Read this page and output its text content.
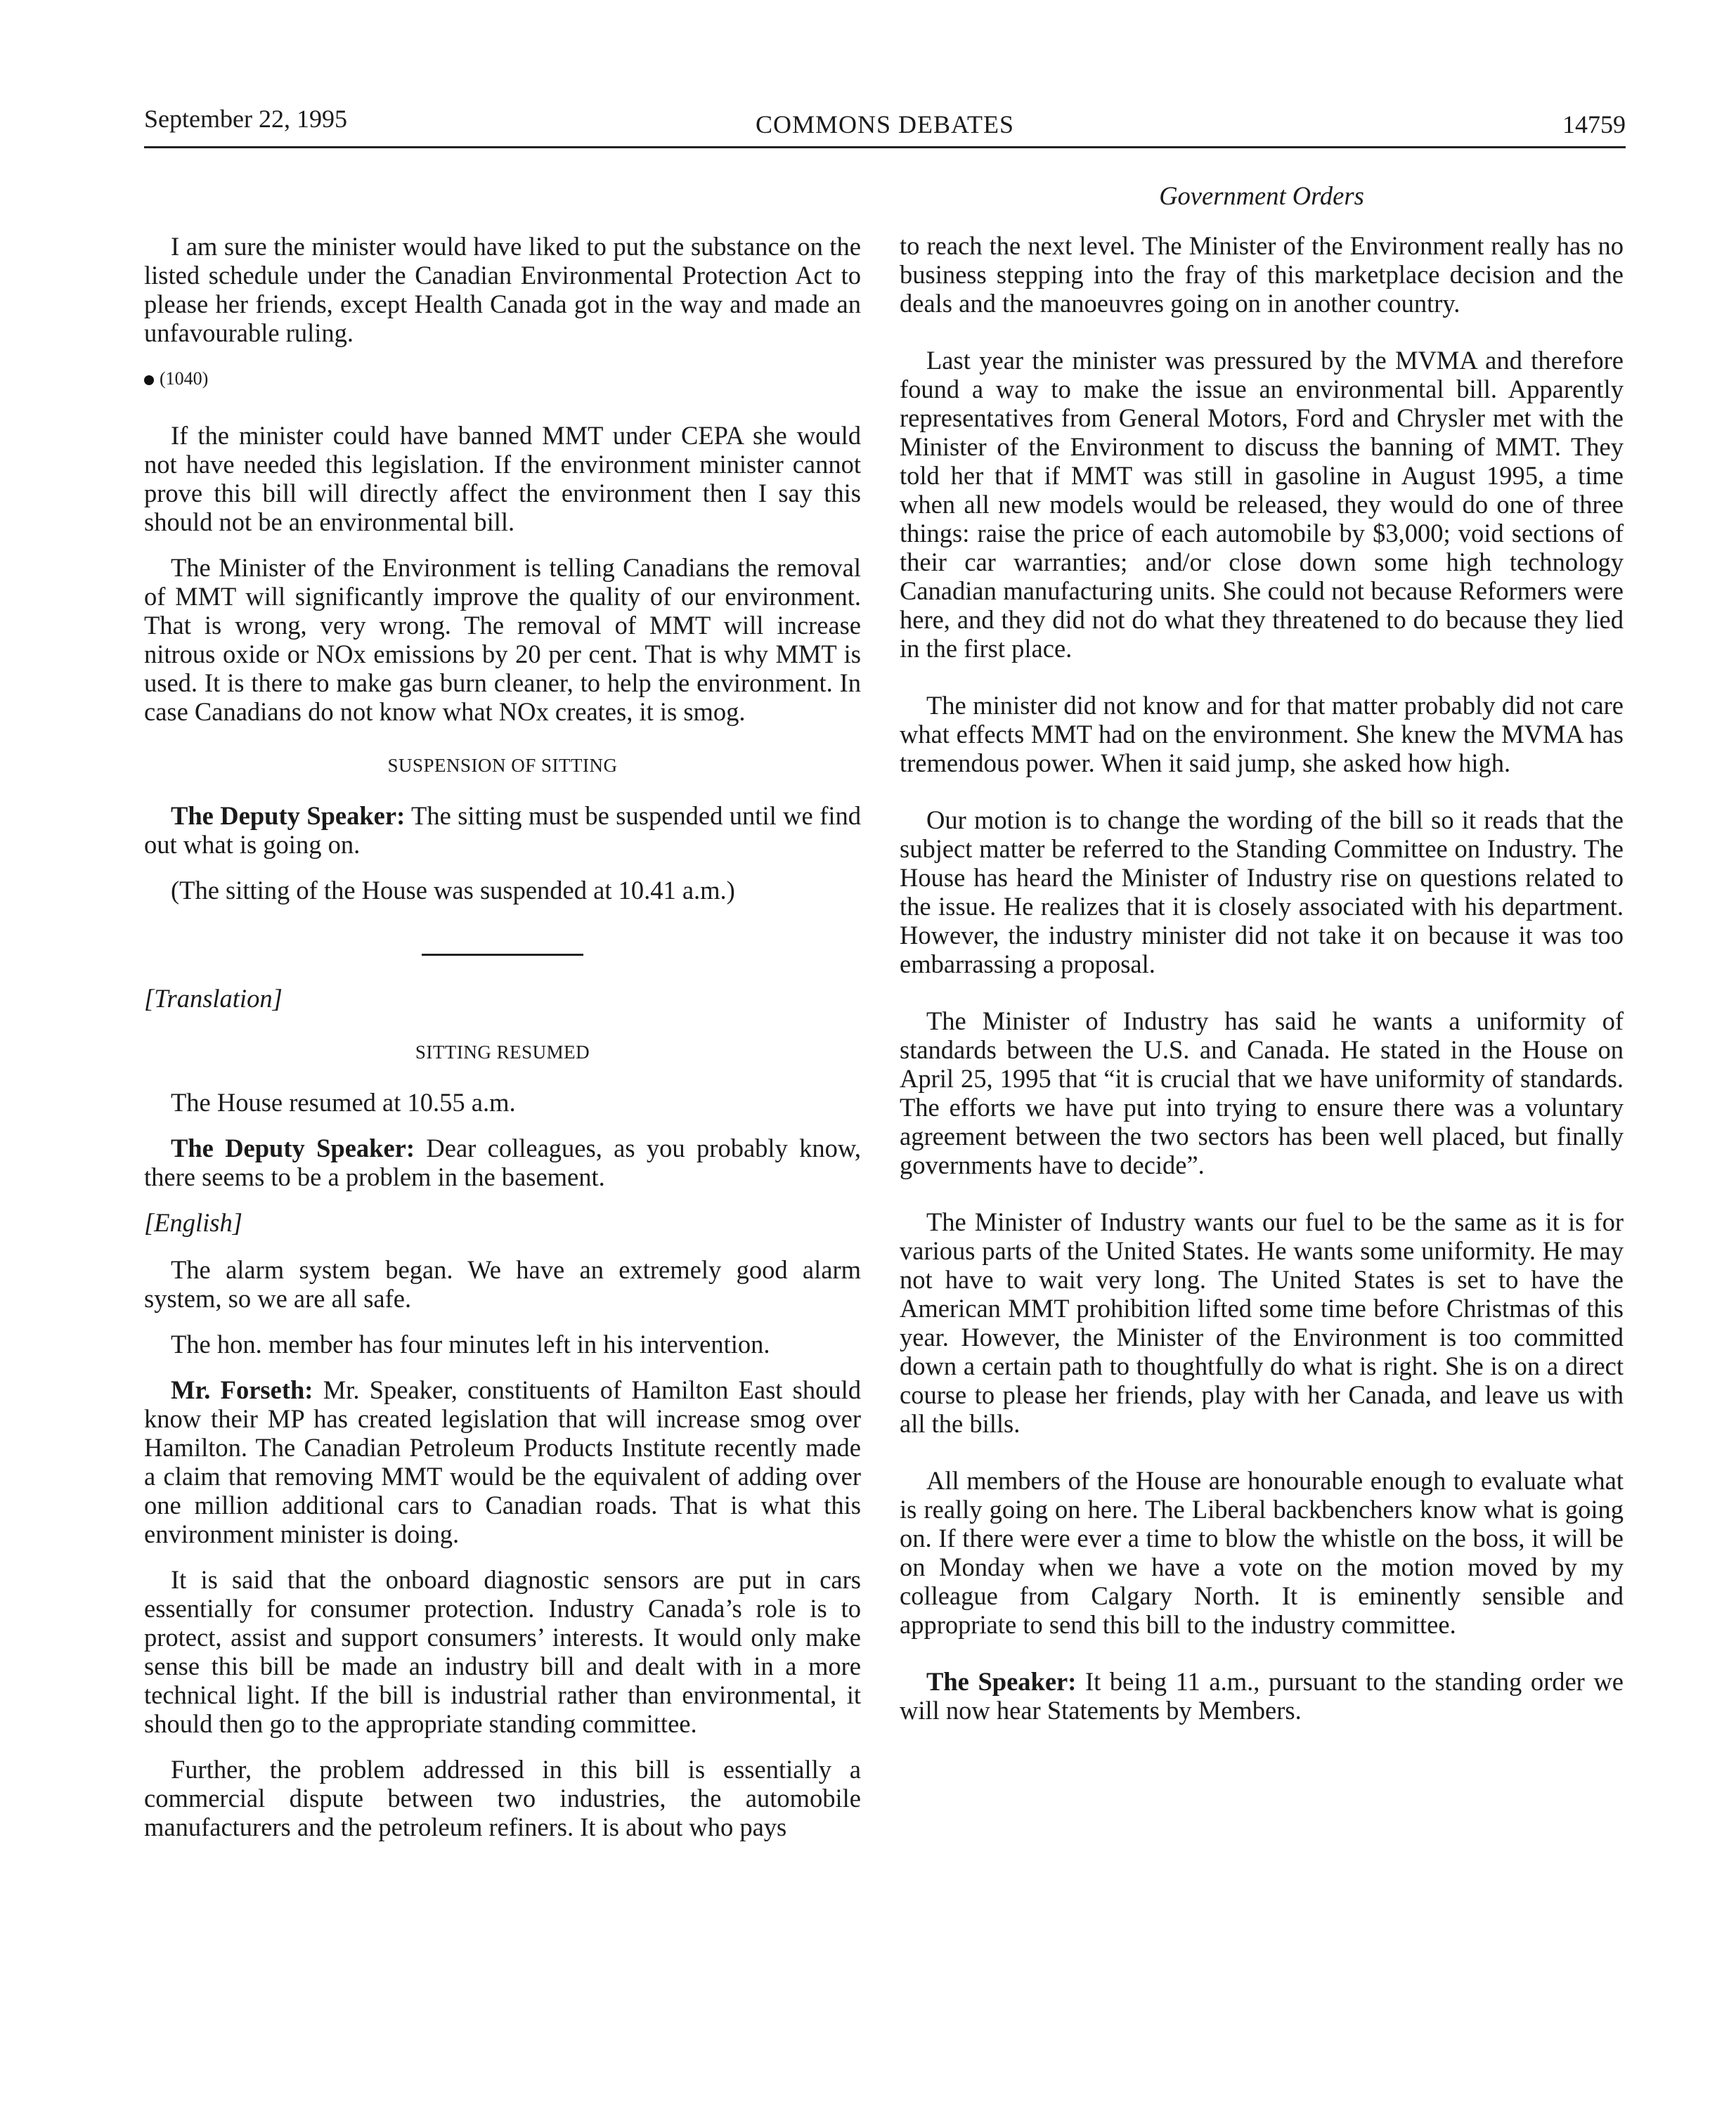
September 22, 1995	COMMONS DEBATES	14759

I am sure the minister would have liked to put the substance on the listed schedule under the Canadian Environmental Protection Act to please her friends, except Health Canada got in the way and made an unfavourable ruling.

(1040)

If the minister could have banned MMT under CEPA she would not have needed this legislation. If the environment minister cannot prove this bill will directly affect the environment then I say this should not be an environmental bill.

The Minister of the Environment is telling Canadians the removal of MMT will significantly improve the quality of our environment. That is wrong, very wrong. The removal of MMT will increase nitrous oxide or NOx emissions by 20 per cent. That is why MMT is used. It is there to make gas burn cleaner, to help the environment. In case Canadians do not know what NOx creates, it is smog.

SUSPENSION OF SITTING

The Deputy Speaker: The sitting must be suspended until we find out what is going on.

(The sitting of the House was suspended at 10.41 a.m.)

[Translation]
SITTING RESUMED

The House resumed at 10.55 a.m.

The Deputy Speaker: Dear colleagues, as you probably know, there seems to be a problem in the basement.

[English]

The alarm system began. We have an extremely good alarm system, so we are all safe.

The hon. member has four minutes left in his intervention.

Mr. Forseth: Mr. Speaker, constituents of Hamilton East should know their MP has created legislation that will increase smog over Hamilton. The Canadian Petroleum Products Institute recently made a claim that removing MMT would be the equivalent of adding over one million additional cars to Canadian roads. That is what this environment minister is doing.

It is said that the onboard diagnostic sensors are put in cars essentially for consumer protection. Industry Canada’s role is to protect, assist and support consumers’ interests. It would only make sense this bill be made an industry bill and dealt with in a more technical light. If the bill is industrial rather than environmental, it should then go to the appropriate standing committee.

Further, the problem addressed in this bill is essentially a commercial dispute between two industries, the automobile manufacturers and the petroleum refiners. It is about who pays

Government Orders

to reach the next level. The Minister of the Environment really has no business stepping into the fray of this marketplace decision and the deals and the manoeuvres going on in another country.

Last year the minister was pressured by the MVMA and therefore found a way to make the issue an environmental bill. Apparently representatives from General Motors, Ford and Chrysler met with the Minister of the Environment to discuss the banning of MMT. They told her that if MMT was still in gasoline in August 1995, a time when all new models would be released, they would do one of three things: raise the price of each automobile by $3,000; void sections of their car warranties; and/or close down some high technology Canadian manufacturing units. She could not because Reformers were here, and they did not do what they threatened to do because they lied in the first place.

The minister did not know and for that matter probably did not care what effects MMT had on the environment. She knew the MVMA has tremendous power. When it said jump, she asked how high.

Our motion is to change the wording of the bill so it reads that the subject matter be referred to the Standing Committee on Industry. The House has heard the Minister of Industry rise on questions related to the issue. He realizes that it is closely associated with his department. However, the industry minister did not take it on because it was too embarrassing a proposal.

The Minister of Industry has said he wants a uniformity of standards between the U.S. and Canada. He stated in the House on April 25, 1995 that “it is crucial that we have uniformity of standards. The efforts we have put into trying to ensure there was a voluntary agreement between the two sectors has been well placed, but finally governments have to decide”.

The Minister of Industry wants our fuel to be the same as it is for various parts of the United States. He wants some uniformity. He may not have to wait very long. The United States is set to have the American MMT prohibition lifted some time before Christmas of this year. However, the Minister of the Environment is too committed down a certain path to thoughtfully do what is right. She is on a direct course to please her friends, play with her Canada, and leave us with all the bills.

All members of the House are honourable enough to evaluate what is really going on here. The Liberal backbenchers know what is going on. If there were ever a time to blow the whistle on the boss, it will be on Monday when we have a vote on the motion moved by my colleague from Calgary North. It is eminently sensible and appropriate to send this bill to the industry committee.

The Speaker: It being 11 a.m., pursuant to the standing order we will now hear Statements by Members.
